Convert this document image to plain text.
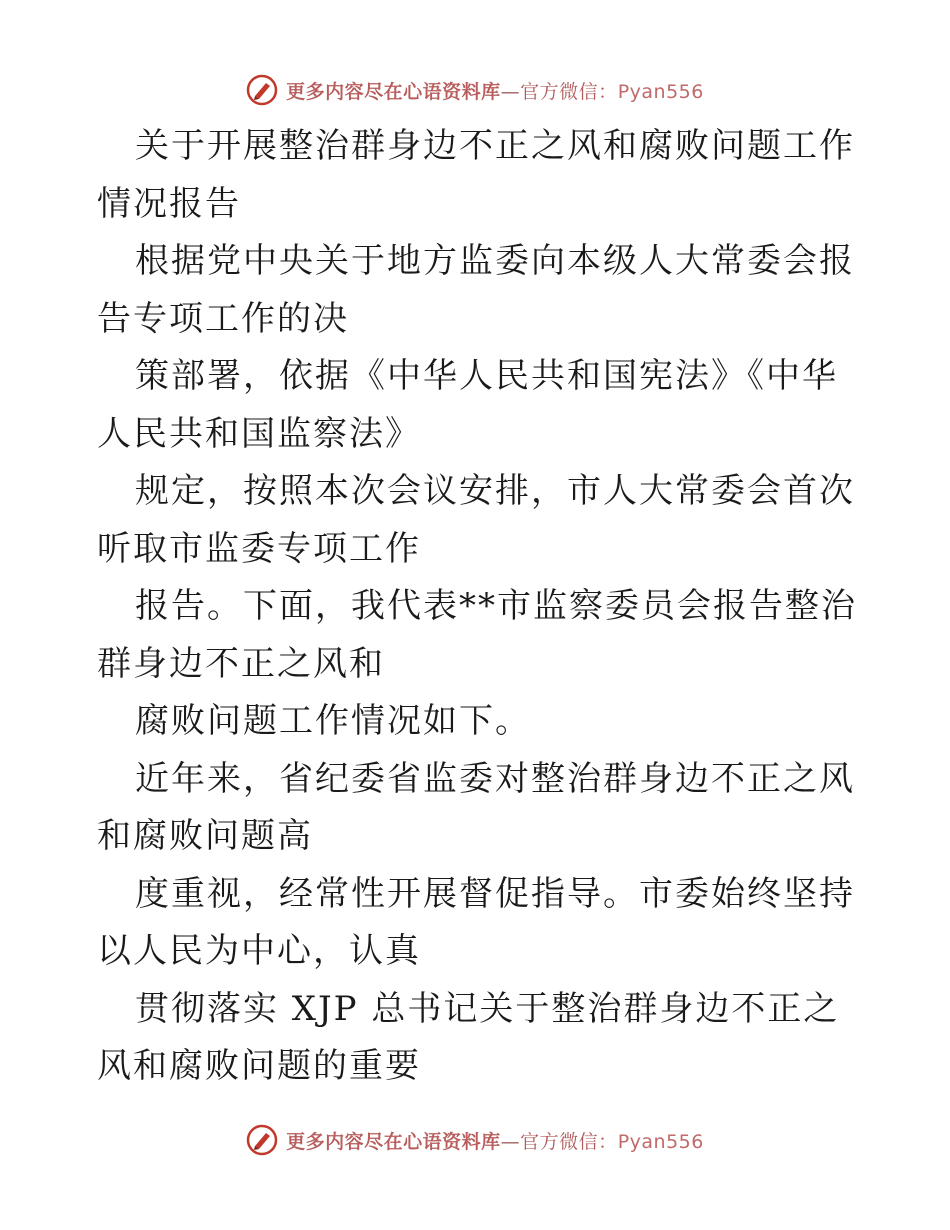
更多内容尽在心语资料库—官方微信：Pyan556

关于开展整治群身边不正之风和腐败问题工作情况报告

根据党中央关于地方监委向本级人大常委会报告专项工作的决

策部署，依据《中华人民共和国宪法》《中华人民共和国监察法》

规定，按照本次会议安排，市人大常委会首次听取市监委专项工作

报告。下面，我代表**市监察委员会报告整治群身边不正之风和

腐败问题工作情况如下。

近年来，省纪委省监委对整治群身边不正之风和腐败问题高

度重视，经常性开展督促指导。市委始终坚持以人民为中心，认真

贯彻落实 XJP 总书记关于整治群身边不正之风和腐败问题的重要

更多内容尽在心语资料库—官方微信：Pyan556
